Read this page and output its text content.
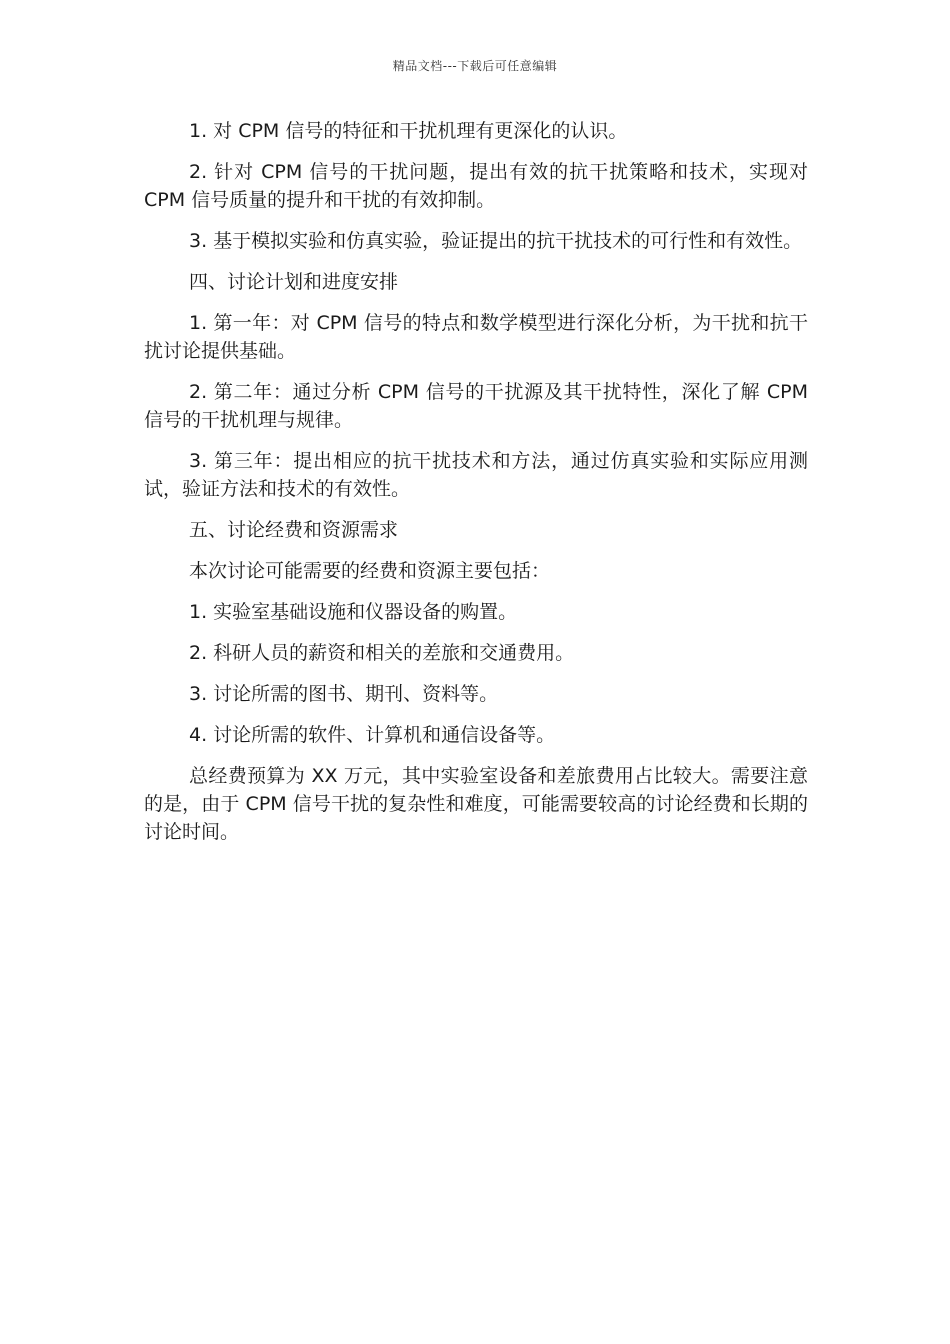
精品文档---下载后可任意编辑

1. 对 CPM 信号的特征和干扰机理有更深化的认识。

2. 针对 CPM 信号的干扰问题，提出有效的抗干扰策略和技术，实现对 CPM 信号质量的提升和干扰的有效抑制。

3. 基于模拟实验和仿真实验，验证提出的抗干扰技术的可行性和有效性。

四、讨论计划和进度安排

1. 第一年：对 CPM 信号的特点和数学模型进行深化分析，为干扰和抗干扰讨论提供基础。

2. 第二年：通过分析 CPM 信号的干扰源及其干扰特性，深化了解 CPM 信号的干扰机理与规律。

3. 第三年：提出相应的抗干扰技术和方法，通过仿真实验和实际应用测试，验证方法和技术的有效性。

五、讨论经费和资源需求

本次讨论可能需要的经费和资源主要包括：

1. 实验室基础设施和仪器设备的购置。

2. 科研人员的薪资和相关的差旅和交通费用。

3. 讨论所需的图书、期刊、资料等。

4. 讨论所需的软件、计算机和通信设备等。

总经费预算为 XX 万元，其中实验室设备和差旅费用占比较大。需要注意的是，由于 CPM 信号干扰的复杂性和难度，可能需要较高的讨论经费和长期的讨论时间。
